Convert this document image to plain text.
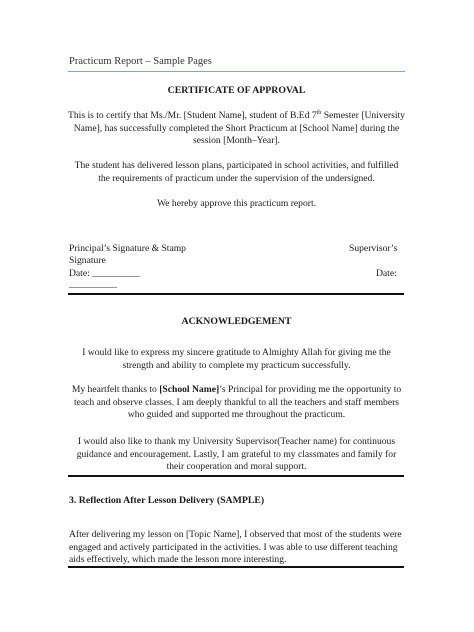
Practicum Report – Sample Pages
CERTIFICATE OF APPROVAL
This is to certify that Ms./Mr. [Student Name], student of B.Ed 7th Semester [University Name], has successfully completed the Short Practicum at [School Name] during the session [Month–Year].
The student has delivered lesson plans, participated in school activities, and fulfilled the requirements of practicum under the supervision of the undersigned.
We hereby approve this practicum report.
Principal’s Signature & Stamp	Supervisor’s
Signature
Date: __________	Date:
__________
ACKNOWLEDGEMENT
I would like to express my sincere gratitude to Almighty Allah for giving me the strength and ability to complete my practicum successfully.
My heartfelt thanks to [School Name]’s Principal for providing me the opportunity to teach and observe classes. I am deeply thankful to all the teachers and staff members who guided and supported me throughout the practicum.
I would also like to thank my University Supervisor(Teacher name) for continuous guidance and encouragement. Lastly, I am grateful to my classmates and family for their cooperation and moral support.
3. Reflection After Lesson Delivery (SAMPLE)
After delivering my lesson on [Topic Name], I observed that most of the students were engaged and actively participated in the activities. I was able to use different teaching aids effectively, which made the lesson more interesting.
